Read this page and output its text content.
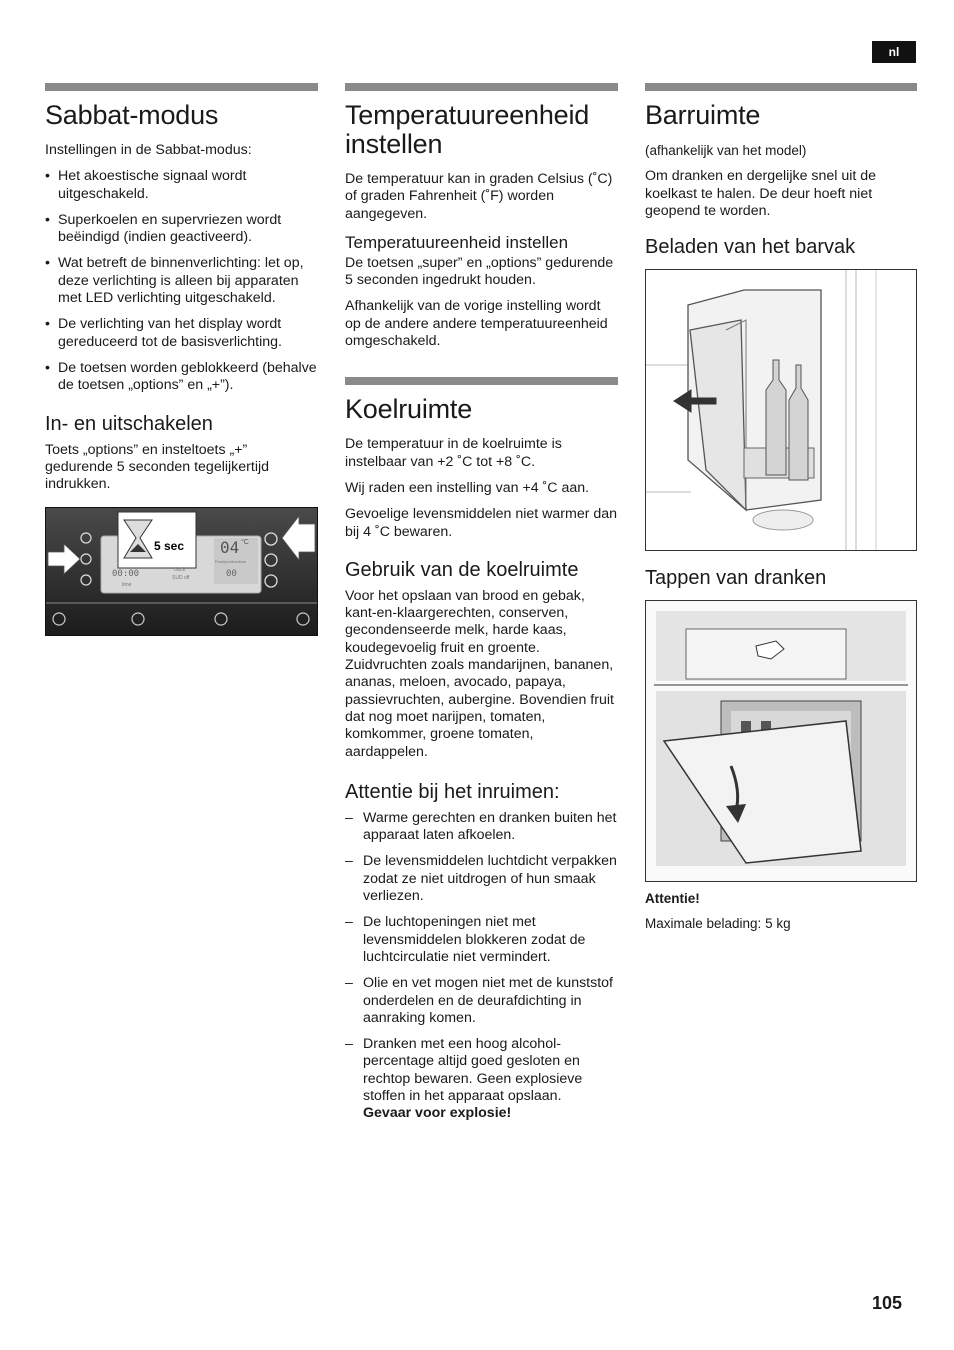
nl
Sabbat-modus

Instellingen in de Sabbat-modus:

• Het akoestische signaal wordt uitgeschakeld.
• Superkoelen en supervriezen wordt beëindigd (indien geactiveerd).
• Wat betreft de binnenverlichting: let op, deze verlichting is alleen bij apparaten met LED verlichting uitgeschakeld.
• De verlichting van het display wordt gereduceerd tot de basisverlichting.
• De toetsen worden geblokkeerd (behalve de toetsen „options” en „+”).
In- en uitschakelen

Toets „options” en insteltoets „+” gedurende 5 seconden tegelijkertijd indrukken.

5 sec 04 °C
00:00	clock
SUD off
time
Freshproducttime
00
Temperatuureenheid instellen

De temperatuur kan in graden Celsius (˚C) of graden Fahrenheit (˚F) worden aangegeven.

Temperatuureenheid instellen

De toetsen „super” en „options” gedurende 5 seconden ingedrukt houden.

Afhankelijk van de vorige instelling wordt op de andere andere temperatuureenheid omgeschakeld.

Koelruimte

De temperatuur in de koelruimte is instelbaar van +2 ˚C tot +8 ˚C.

Wij raden een instelling van +4 ˚C aan.

Gevoelige levensmiddelen niet warmer dan bij 4 ˚C bewaren.

Gebruik van de koelruimte

Voor het opslaan van brood en gebak, kant-en-klaargerechten, conserven, gecondenseerde melk, harde kaas, koudegevoelig fruit en groente. Zuidvruchten zoals mandarijnen, bananen, ananas, meloen, avocado, papaya, passievruchten, aubergine. Bovendien fruit dat nog moet narijpen, tomaten, komkommer, groene tomaten, aardappelen.

Attentie bij het inruimen:
– Warme gerechten en dranken buiten het apparaat laten afkoelen.
– De levensmiddelen luchtdicht verpakken zodat ze niet uitdrogen of hun smaak verliezen.
– De luchtopeningen niet met levensmiddelen blokkeren zodat de luchtcirculatie niet vermindert.
– Olie en vet mogen niet met de kunststof onderdelen en de deurafdichting in aanraking komen.
– Dranken met een hoog alcohol-percentage altijd goed gesloten en rechtop bewaren. Geen explosieve stoffen in het apparaat opslaan.
Gevaar voor explosie!
Barruimte

(afhankelijk van het model)

Om dranken en dergelijke snel uit de koelkast te halen. De deur hoeft niet geopend te worden.

Beladen van het barvak
Tappen van dranken

Attentie!

Maximale belading: 5 kg

105
